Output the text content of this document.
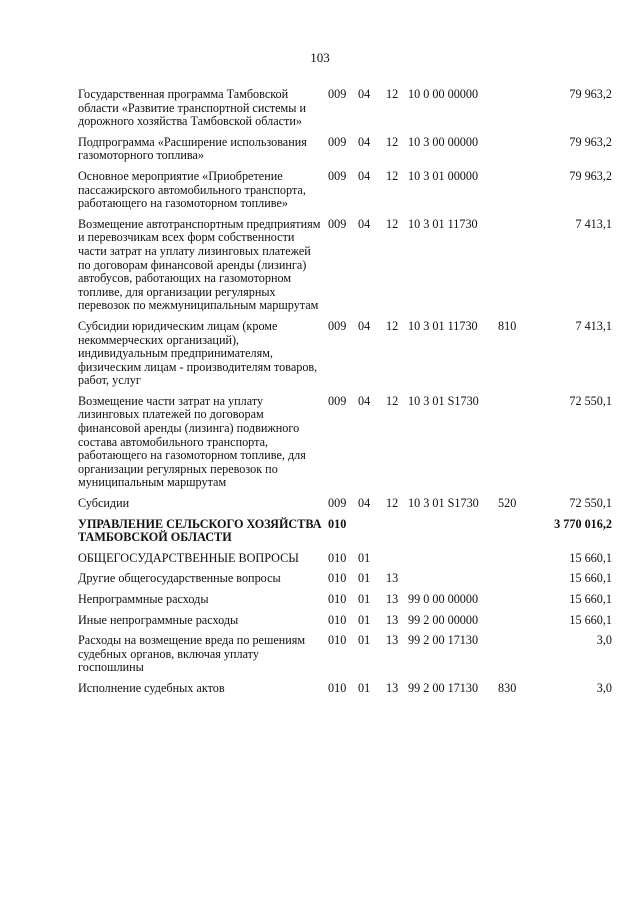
103
Государственная программа Тамбовской области «Развитие транспортной системы и дорожного хозяйства Тамбовской области»	009	04	12	10 0 00 00000		79 963,2
Подпрограмма «Расширение использования газомоторного топлива»	009	04	12	10 3 00 00000		79 963,2
Основное мероприятие «Приобретение пассажирского автомобильного транспорта, работающего на газомоторном топливе»	009	04	12	10 3 01 00000		79 963,2
Возмещение автотранспортным предприятиям и перевозчикам всех форм собственности части затрат на уплату лизинговых платежей по договорам финансовой аренды (лизинга) автобусов, работающих на газомоторном топливе, для организации регулярных перевозок по межмуниципальным маршрутам	009	04	12	10 3 01 11730		7 413,1
Субсидии юридическим лицам (кроме некоммерческих организаций), индивидуальным предпринимателям, физическим лицам - производителям товаров, работ, услуг	009	04	12	10 3 01 11730	810	7 413,1
Возмещение части затрат на уплату лизинговых платежей по договорам финансовой аренды (лизинга) подвижного состава автомобильного транспорта, работающего на газомоторном топливе, для организации регулярных перевозок по муниципальным маршрутам	009	04	12	10 3 01 S1730		72 550,1
Субсидии	009	04	12	10 3 01 S1730	520	72 550,1
УПРАВЛЕНИЕ СЕЛЬСКОГО ХОЗЯЙСТВА ТАМБОВСКОЙ ОБЛАСТИ	010					3 770 016,2
ОБЩЕГОСУДАРСТВЕННЫЕ ВОПРОСЫ	010	01				15 660,1
Другие общегосударственные вопросы	010	01	13			15 660,1
Непрограммные расходы	010	01	13	99 0 00 00000		15 660,1
Иные непрограммные расходы	010	01	13	99 2 00 00000		15 660,1
Расходы на возмещение вреда по решениям судебных органов, включая уплату госпошлины	010	01	13	99 2 00 17130		3,0
Исполнение судебных актов	010	01	13	99 2 00 17130	830	3,0
